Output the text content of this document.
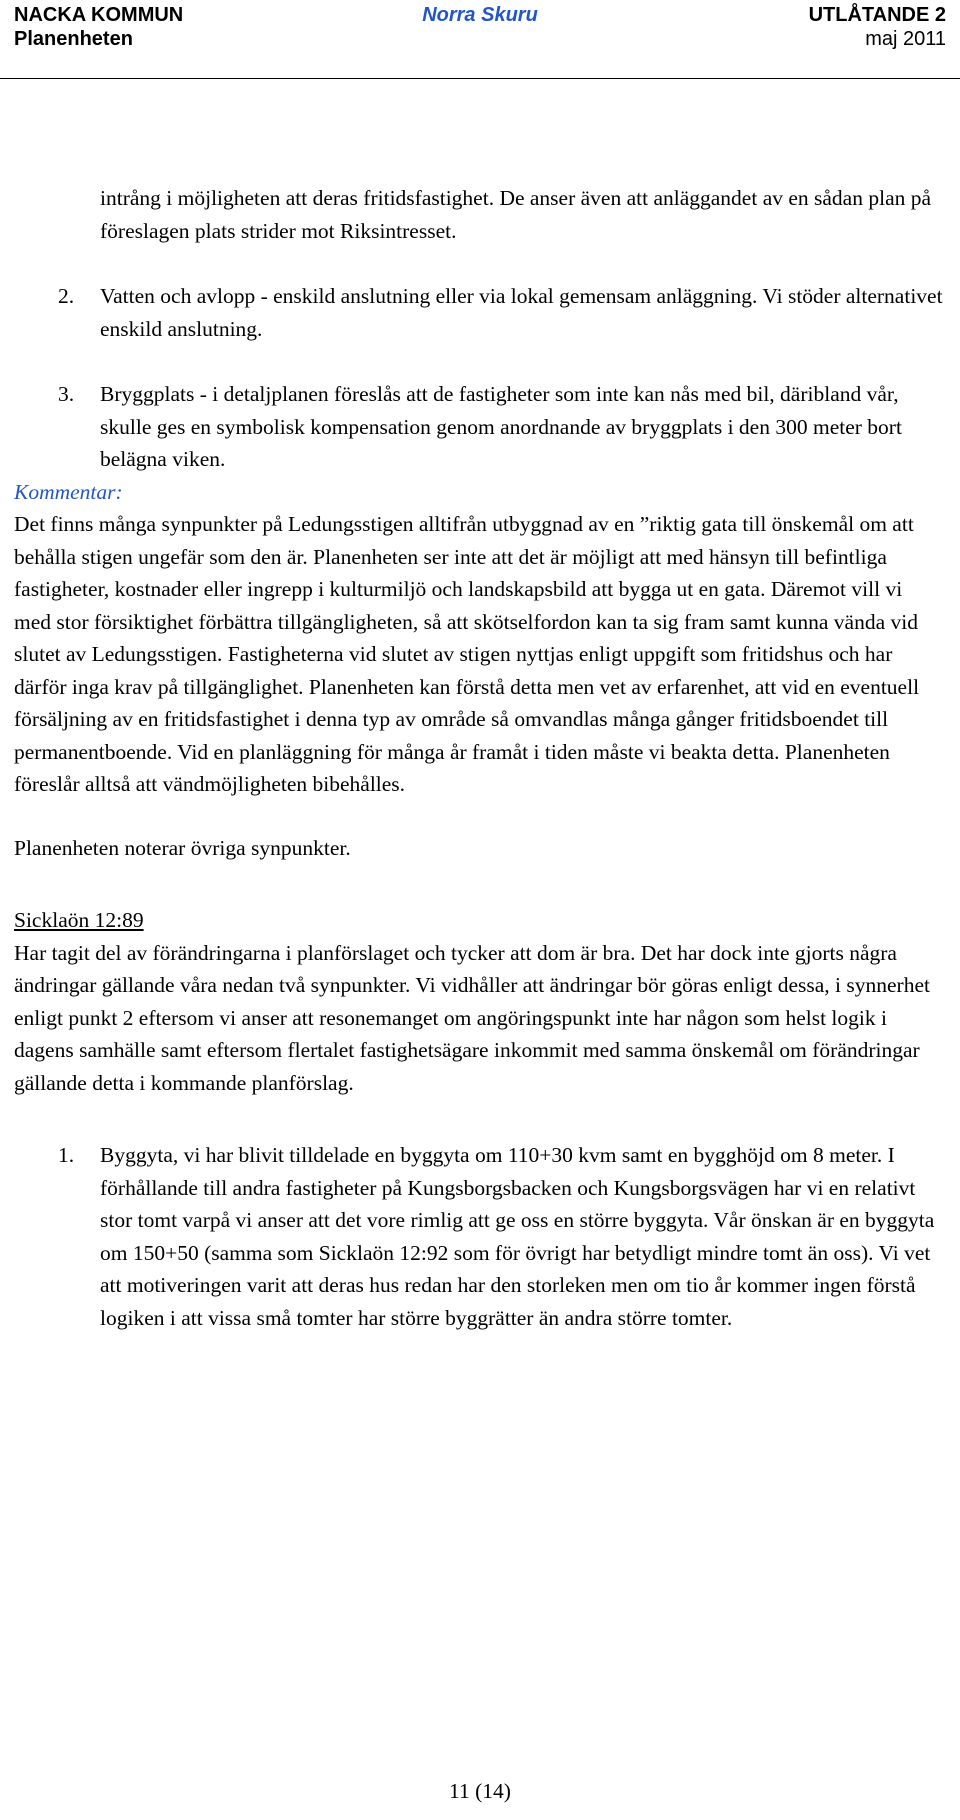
NACKA KOMMUN
Planenheten
Norra Skuru	UTLÅTANDE 2
maj 2011

intrång i möjligheten att deras fritidsfastighet. De anser även att anläggandet av en sådan plan på föreslagen plats strider mot Riksintresset.

2. Vatten och avlopp - enskild anslutning eller via lokal gemensam anläggning. Vi stöder alternativet enskild anslutning.
3. Bryggplats - i detaljplanen föreslås att de fastigheter som inte kan nås med bil, däribland vår, skulle ges en symbolisk kompensation genom anordnande av bryggplats i den 300 meter bort belägna viken.

Kommentar:

Det finns många synpunkter på Ledungsstigen alltifrån utbyggnad av en ”riktig gata till önskemål om att behålla stigen ungefär som den är. Planenheten ser inte att det är möjligt att med hänsyn till befintliga fastigheter, kostnader eller ingrepp i kulturmiljö och landskapsbild att bygga ut en gata. Däremot vill vi med stor försiktighet förbättra tillgängligheten, så att skötselfordon kan ta sig fram samt kunna vända vid slutet av Ledungsstigen. Fastigheterna vid slutet av stigen nyttjas enligt uppgift som fritidshus och har därför inga krav på tillgänglighet. Planenheten kan förstå detta men vet av erfarenhet, att vid en eventuell försäljning av en fritidsfastighet i denna typ av område så omvandlas många gånger fritidsboendet till permanentboende. Vid en planläggning för många år framåt i tiden måste vi beakta detta. Planenheten föreslår alltså att vändmöjligheten bibehålles.

Planenheten noterar övriga synpunkter.

Sicklaön 12:89

Har tagit del av förändringarna i planförslaget och tycker att dom är bra. Det har dock inte gjorts några ändringar gällande våra nedan två synpunkter. Vi vidhåller att ändringar bör göras enligt dessa, i synnerhet enligt punkt 2 eftersom vi anser att resonemanget om angöringspunkt inte har någon som helst logik i dagens samhälle samt eftersom flertalet fastighetsägare inkommit med samma önskemål om förändringar gällande detta i kommande planförslag.

1. Byggyta, vi har blivit tilldelade en byggyta om 110+30 kvm samt en bygghöjd om 8 meter. I förhållande till andra fastigheter på Kungsborgsbacken och Kungsborgsvägen har vi en relativt stor tomt varpå vi anser att det vore rimlig att ge oss en större byggyta. Vår önskan är en byggyta om 150+50 (samma som Sicklaön 12:92 som för övrigt har betydligt mindre tomt än oss). Vi vet att motiveringen varit att deras hus redan har den storleken men om tio år kommer ingen förstå logiken i att vissa små tomter har större byggrätter än andra större tomter.
11 (14)
